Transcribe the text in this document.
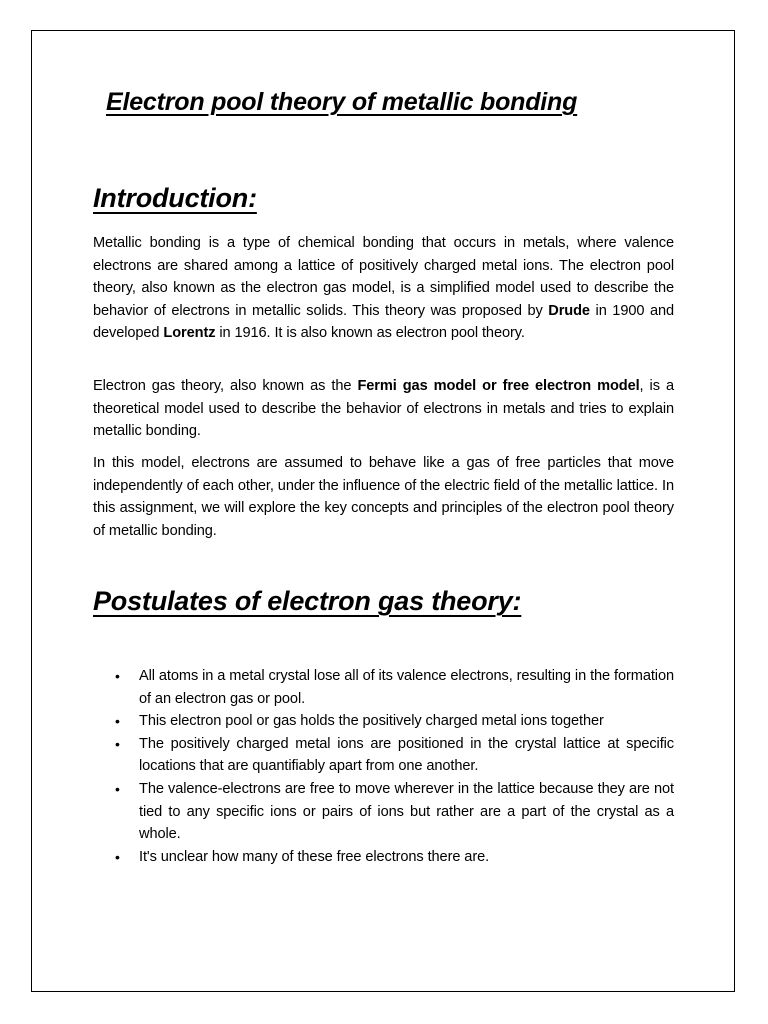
Electron pool theory of metallic bonding
Introduction:

Metallic bonding is a type of chemical bonding that occurs in metals, where valence electrons are shared among a lattice of positively charged metal ions. The electron pool theory, also known as the electron gas model, is a simplified model used to describe the behavior of electrons in metallic solids. This theory was proposed by Drude in 1900 and developed Lorentz in 1916. It is also known as electron pool theory.

Electron gas theory, also known as the Fermi gas model or free electron model, is a theoretical model used to describe the behavior of electrons in metals and tries to explain metallic bonding.

In this model, electrons are assumed to behave like a gas of free particles that move independently of each other, under the influence of the electric field of the metallic lattice. In this assignment, we will explore the key concepts and principles of the electron pool theory of metallic bonding.

Postulates of electron gas theory:
• All atoms in a metal crystal lose all of its valence electrons, resulting in the formation of an electron gas or pool.
• This electron pool or gas holds the positively charged metal ions together
• The positively charged metal ions are positioned in the crystal lattice at specific locations that are quantifiably apart from one another.
• The valence-electrons are free to move wherever in the lattice because they are not tied to any specific ions or pairs of ions but rather are a part of the crystal as a whole.
• It's unclear how many of these free electrons there are.
